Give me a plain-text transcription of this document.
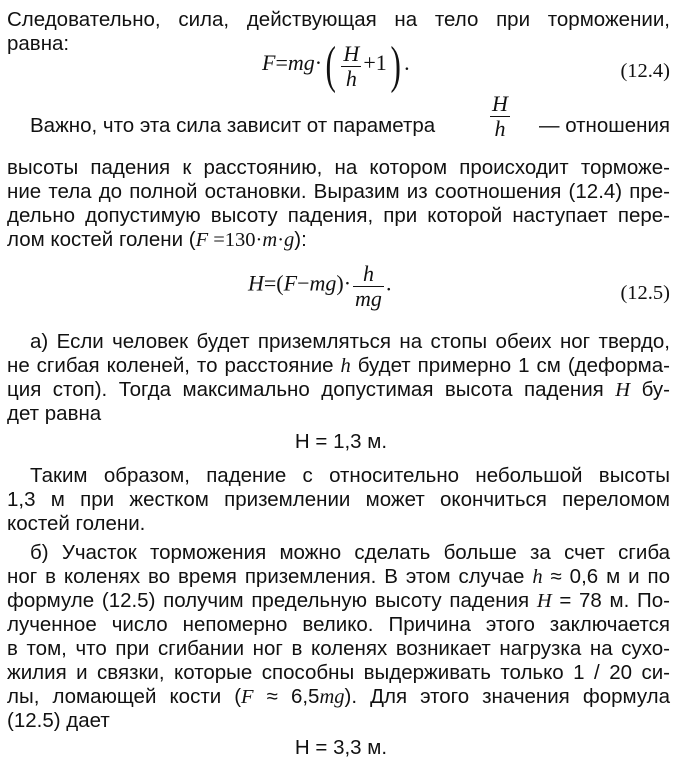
Следовательно, сила, действующая на тело при торможении,
равна:
$F=mg\cdot( \frac{H}{h} +1)$ .	(12.4)
Важно, что эта сила зависит от параметра $\frac{H}{h}$ — отношения
высоты падения к расстоянию, на котором происходит торможе-
ние тела до полной остановки. Выразим из соотношения (12.4) пре-
дельно допустимую высоту падения, при которой наступает пере-
лом костей голени (F =130·m·g):
$H=(F-mg)\cdot \frac{h}{mg}$ .	(12.5)
а) Если человек будет приземляться на стопы обеих ног твердо,
не сгибая коленей, то расстояние h будет примерно 1 см (деформа-
ция стоп). Тогда максимально допустимая высота падения H бу-
дет равна
H = 1,3 м.
Таким образом, падение с относительно небольшой высоты
1,3 м при жестком приземлении может окончиться переломом
костей голени.
б) Участок торможения можно сделать больше за счет сгиба
ног в коленях во время приземления. В этом случае h ≈ 0,6 м и по
формуле (12.5) получим предельную высоту падения H = 78 м. По-
лученное число непомерно велико. Причина этого заключается
в том, что при сгибании ног в коленях возникает нагрузка на сухо-
жилия и связки, которые способны выдерживать только 1 / 20 си-
лы, ломающей кости (F ≈ 6,5mg). Для этого значения формула
(12.5) дает
H = 3,3 м.
